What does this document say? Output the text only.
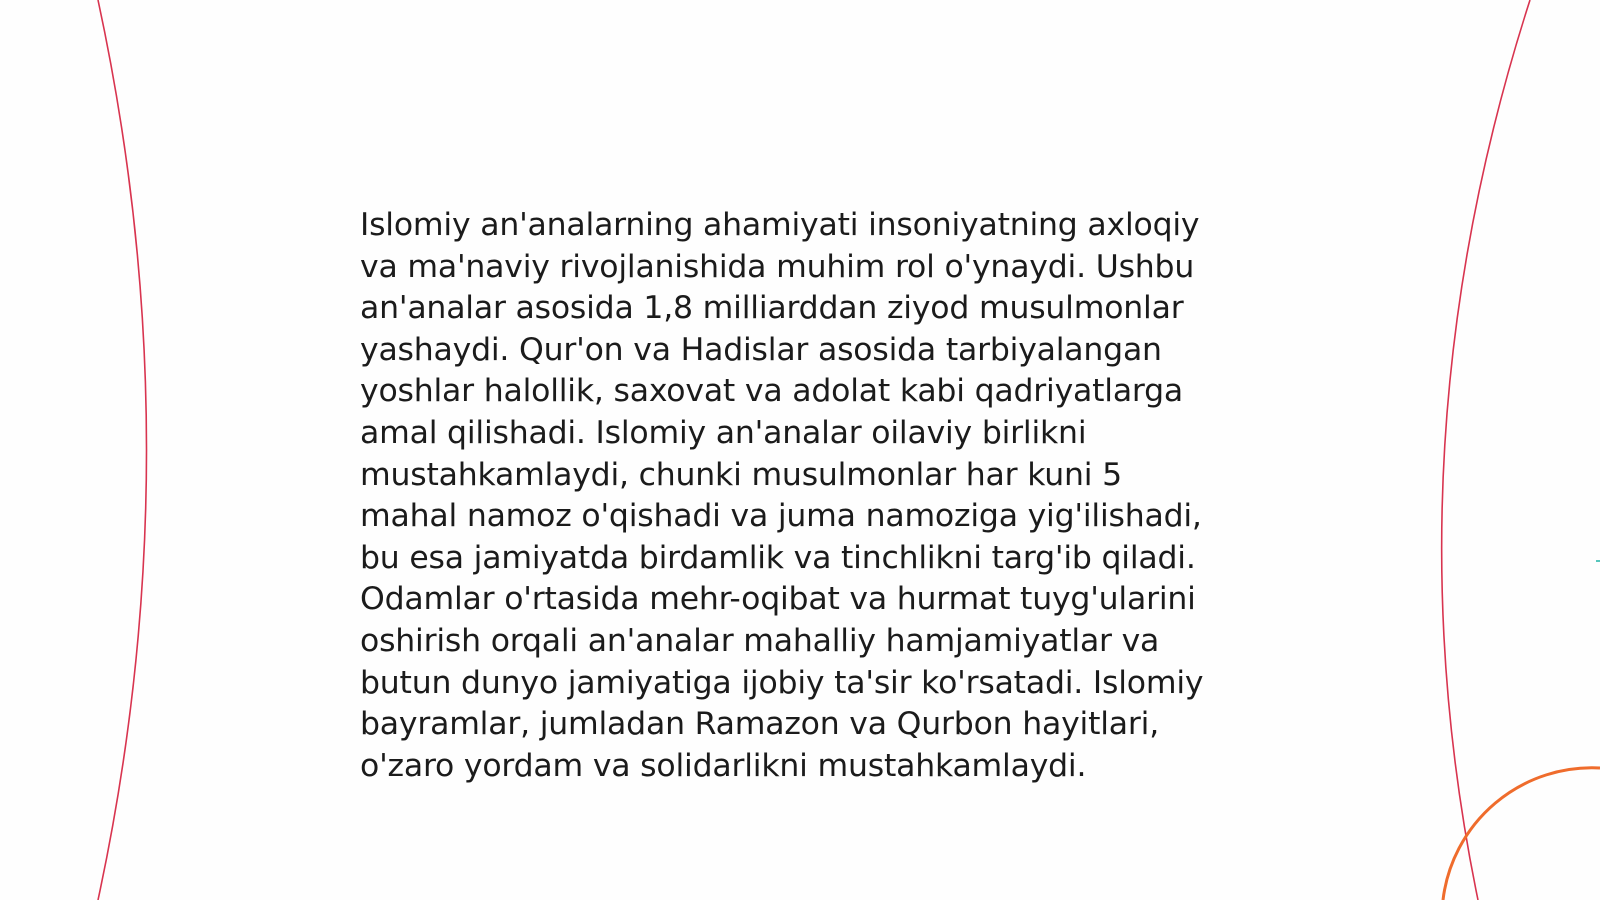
Islomiy an'analarning ahamiyati insoniyatning axloqiy
va ma'naviy rivojlanishida muhim rol o'ynaydi. Ushbu
an'analar asosida 1,8 milliarddan ziyod musulmonlar
yashaydi. Qur'on va Hadislar asosida tarbiyalangan
yoshlar halollik, saxovat va adolat kabi qadriyatlarga
amal qilishadi. Islomiy an'analar oilaviy birlikni
mustahkamlaydi, chunki musulmonlar har kuni 5
mahal namoz o'qishadi va juma namoziga yig'ilishadi,
bu esa jamiyatda birdamlik va tinchlikni targ'ib qiladi.
Odamlar o'rtasida mehr-oqibat va hurmat tuyg'ularini
oshirish orqali an'analar mahalliy hamjamiyatlar va
butun dunyo jamiyatiga ijobiy ta'sir ko'rsatadi. Islomiy
bayramlar, jumladan Ramazon va Qurbon hayitlari,
o'zaro yordam va solidarlikni mustahkamlaydi.
